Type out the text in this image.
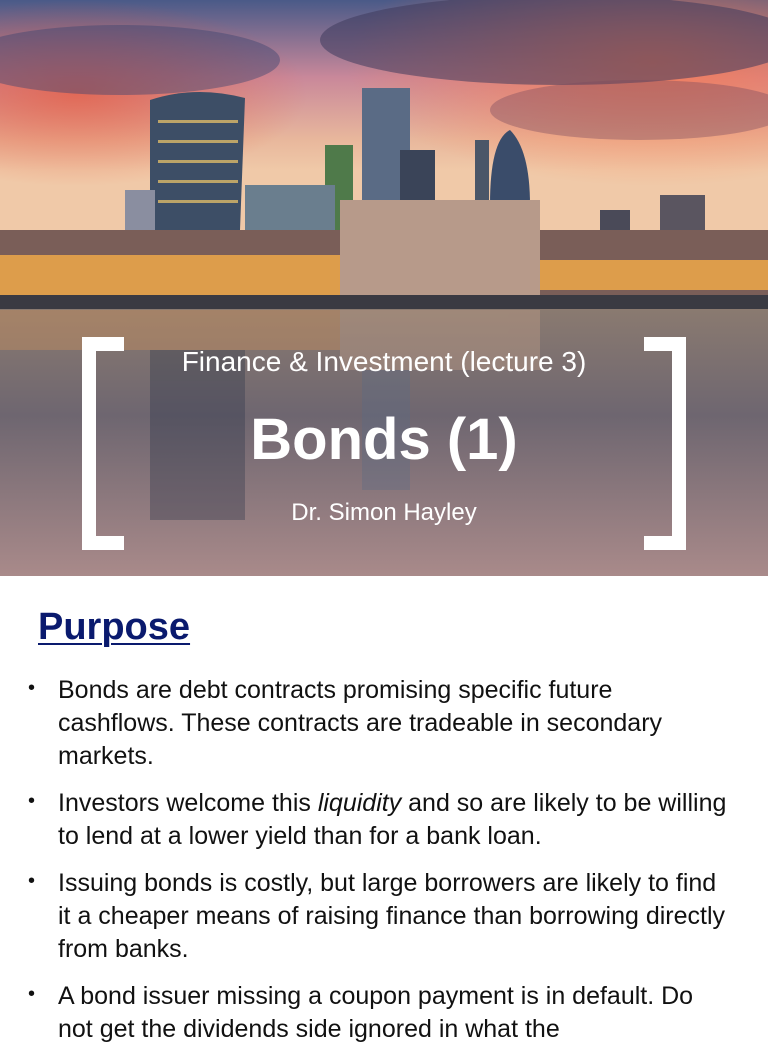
Finance & Investment (lecture 3)
Bonds (1)
Dr. Simon Hayley
Purpose
• Bonds are debt contracts promising specific future cashflows. These contracts are tradeable in secondary markets.
• Investors welcome this liquidity and so are likely to be willing to lend at a lower yield than for a bank loan.
• Issuing bonds is costly, but large borrowers are likely to find it a cheaper means of raising finance than borrowing directly from banks.
• A bond issuer missing a coupon payment is in default. Do not get the dividends side ignored in what the
